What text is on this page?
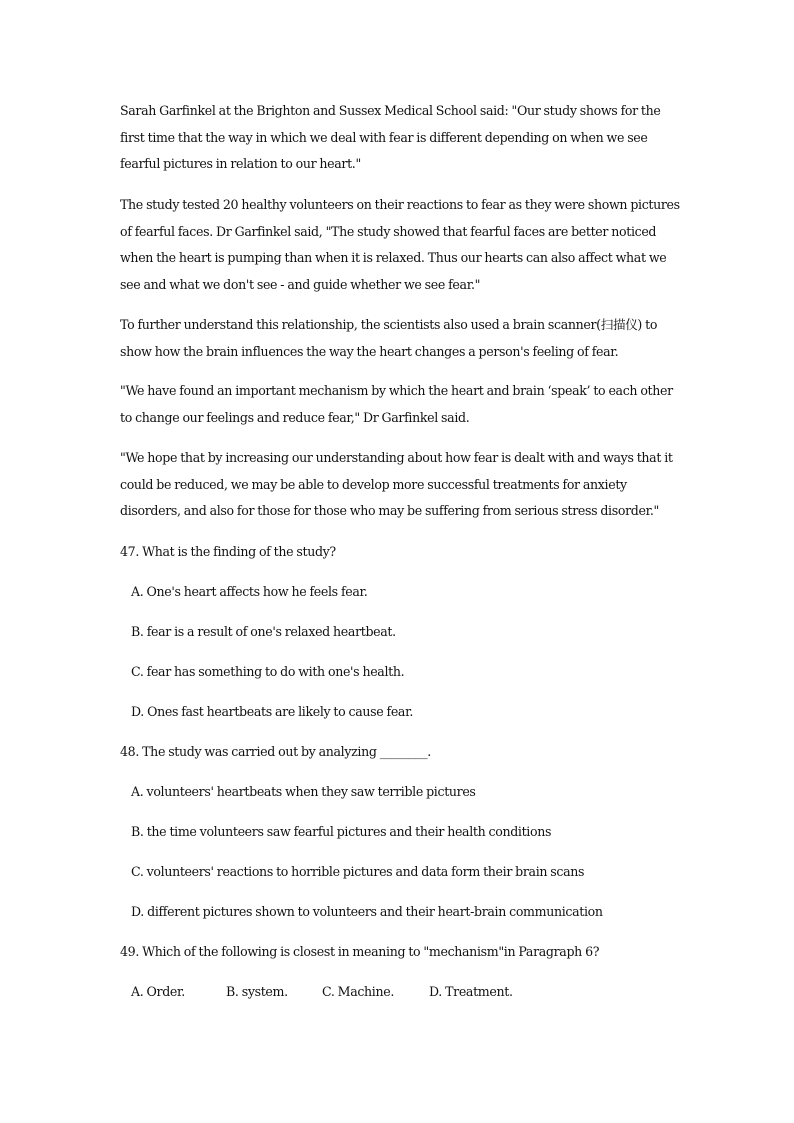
Sarah Garfinkel at the Brighton and Sussex Medical School said: "Our study shows for the first time that the way in which we deal with fear is different depending on when we see fearful pictures in relation to our heart."

The study tested 20 healthy volunteers on their reactions to fear as they were shown pictures of fearful faces. Dr Garfinkel said, "The study showed that fearful faces are better noticed when the heart is pumping than when it is relaxed. Thus our hearts can also affect what we see and what we don't see - and guide whether we see fear."

To further understand this relationship, the scientists also used a brain scanner(扫描仪) to show how the brain influences the way the heart changes a person's feeling of fear.

"We have found an important mechanism by which the heart and brain ‘speak’ to each other to change our feelings and reduce fear," Dr Garfinkel said.

"We hope that by increasing our understanding about how fear is dealt with and ways that it could be reduced, we may be able to develop more successful treatments for anxiety disorders, and also for those for those who may be suffering from serious stress disorder."

47. What is the finding of the study?

A. One's heart affects how he feels fear.

B. fear is a result of one's relaxed heartbeat.

C. fear has something to do with one's health.

D. Ones fast heartbeats are likely to cause fear.

48. The study was carried out by analyzing ________.

A. volunteers' heartbeats when they saw terrible pictures

B. the time volunteers saw fearful pictures and their health conditions

C. volunteers' reactions to horrible pictures and data form their brain scans

D. different pictures shown to volunteers and their heart-brain communication

49. Which of the following is closest in meaning to "mechanism"in Paragraph 6?

A. Order.	B. system.	C. Machine.	D. Treatment.
